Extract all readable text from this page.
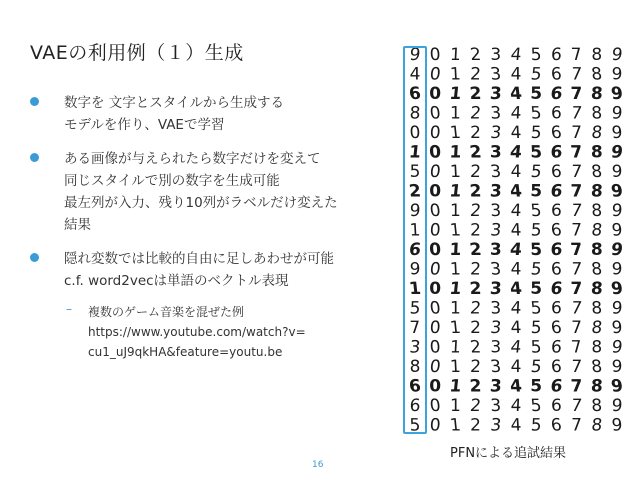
VAEの利用例（１）生成
数字を 文字とスタイルから生成する
モデルを作り、VAEで学習
ある画像が与えられたら数字だけを変えて
同じスタイルで別の数字を生成可能
最左列が入力、残り10列がラベルだけ変えた
結果
隠れ変数では比較的自由に足しあわせが可能
c.f. word2vecは単語のベクトル表現
– 複数のゲーム音楽を混ぜた例
https://www.youtube.com/watch?v=
cu1_uJ9qkHA&feature=youtu.be
9 0 1 2 3 4 5 6 7 8 9
4 0 1 2 3 4 5 6 7 8 9
6 0 1 2 3 4 5 6 7 8 9
8 0 1 2 3 4 5 6 7 8 9
0 0 1 2 3 4 5 6 7 8 9
1 0 1 2 3 4 5 6 7 8 9
5 0 1 2 3 4 5 6 7 8 9
2 0 1 2 3 4 5 6 7 8 9
9 0 1 2 3 4 5 6 7 8 9
1 0 1 2 3 4 5 6 7 8 9
6 0 1 2 3 4 5 6 7 8 9
9 0 1 2 3 4 5 6 7 8 9
1 0 1 2 3 4 5 6 7 8 9
5 0 1 2 3 4 5 6 7 8 9
7 0 1 2 3 4 5 6 7 8 9
3 0 1 2 3 4 5 6 7 8 9
8 0 1 2 3 4 5 6 7 8 9
6 0 1 2 3 4 5 6 7 8 9
6 0 1 2 3 4 5 6 7 8 9
5 0 1 2 3 4 5 6 7 8 9
PFNによる追試結果
16
